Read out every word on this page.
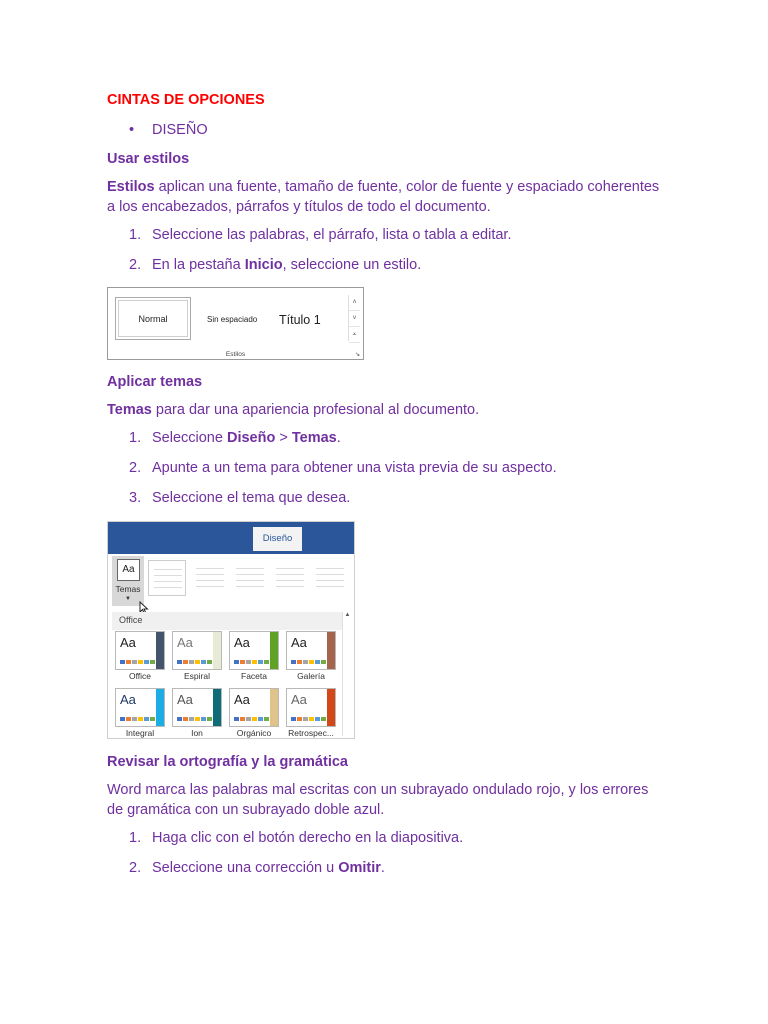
CINTAS DE OPCIONES

• DISEÑO
Usar estilos

Estilos aplican una fuente, tamaño de fuente, color de fuente y espaciado coherentes a los encabezados, párrafos y títulos de todo el documento.

1. Seleccione las palabras, el párrafo, lista o tabla a editar.
2. En la pestaña Inicio, seleccione un estilo.
Normal	Sin espaciado Título 1
˄
˅
⩡
Estilos	↘
Aplicar temas

Temas para dar una apariencia profesional al documento.

1. Seleccione Diseño > Temas.
2. Apunte a un tema para obtener una vista previa de su aspecto.
3. Seleccione el tema que desea.
Diseño
Aa
Temas
▼
Office	▲
Aa
Office
Aa
Espiral
Aa
Faceta
Aa
Galería
Aa
Integral
Aa
Ion
Aa
Orgánico
Aa
Retrospec...
Revisar la ortografía y la gramática

Word marca las palabras mal escritas con un subrayado ondulado rojo, y los errores de gramática con un subrayado doble azul.

1. Haga clic con el botón derecho en la diapositiva.
2. Seleccione una corrección u Omitir.
